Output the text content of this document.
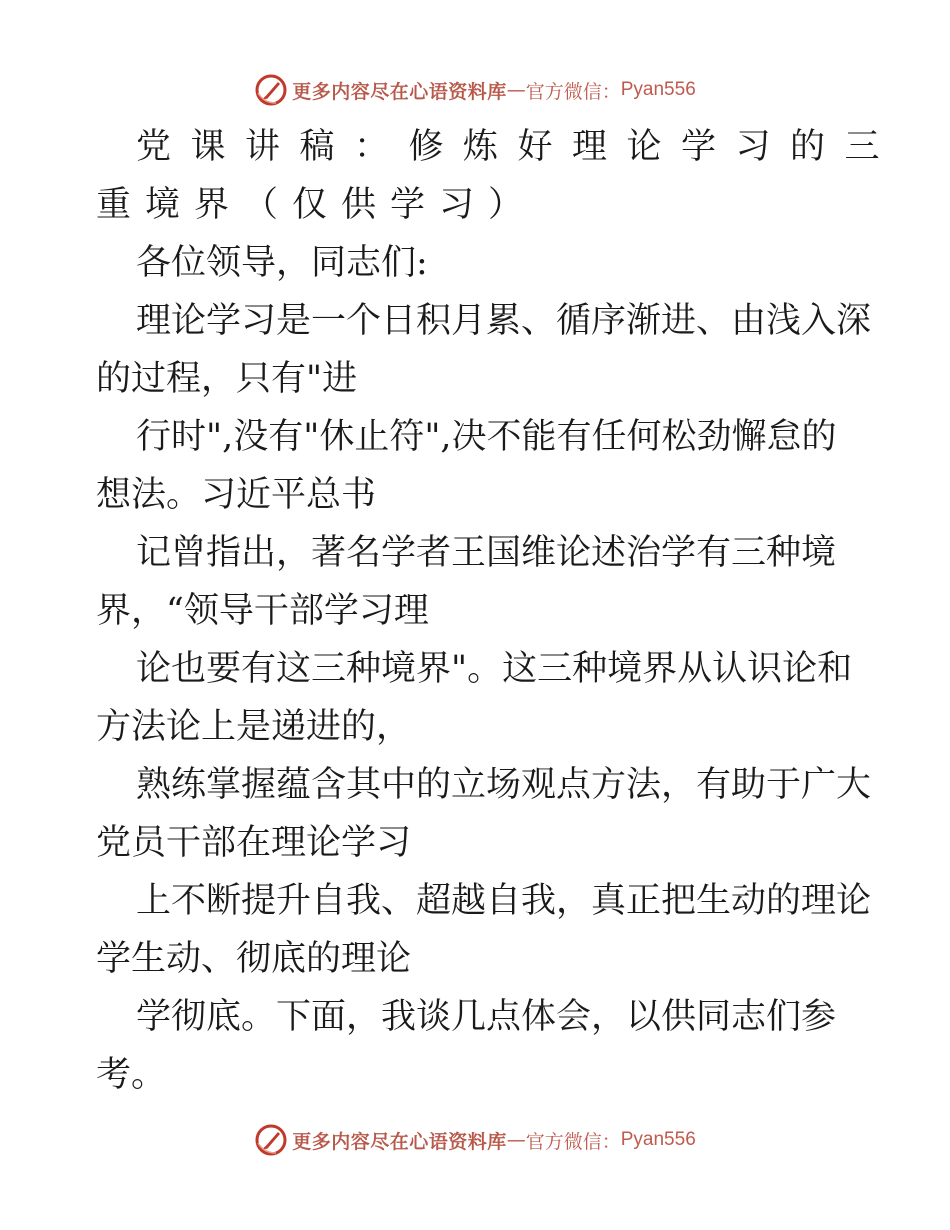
更多内容尽在心语资料库 — 官方微信： Pyan556
党课讲稿：修炼好理论学习的三
重境界（仅供学习）
各位领导，同志们:
理论学习是一个日积月累、循序渐进、由浅入深
的过程，只有"进
行时",没有"休止符",决不能有任何松劲懈怠的
想法。习近平总书
记曾指出，著名学者王国维论述治学有三种境
界，“领导干部学习理
论也要有这三种境界"。这三种境界从认识论和
方法论上是递进的，
熟练掌握蕴含其中的立场观点方法，有助于广大
党员干部在理论学习
上不断提升自我、超越自我，真正把生动的理论
学生动、彻底的理论
学彻底。下面，我谈几点体会，以供同志们参
考。
更多内容尽在心语资料库 — 官方微信： Pyan556
